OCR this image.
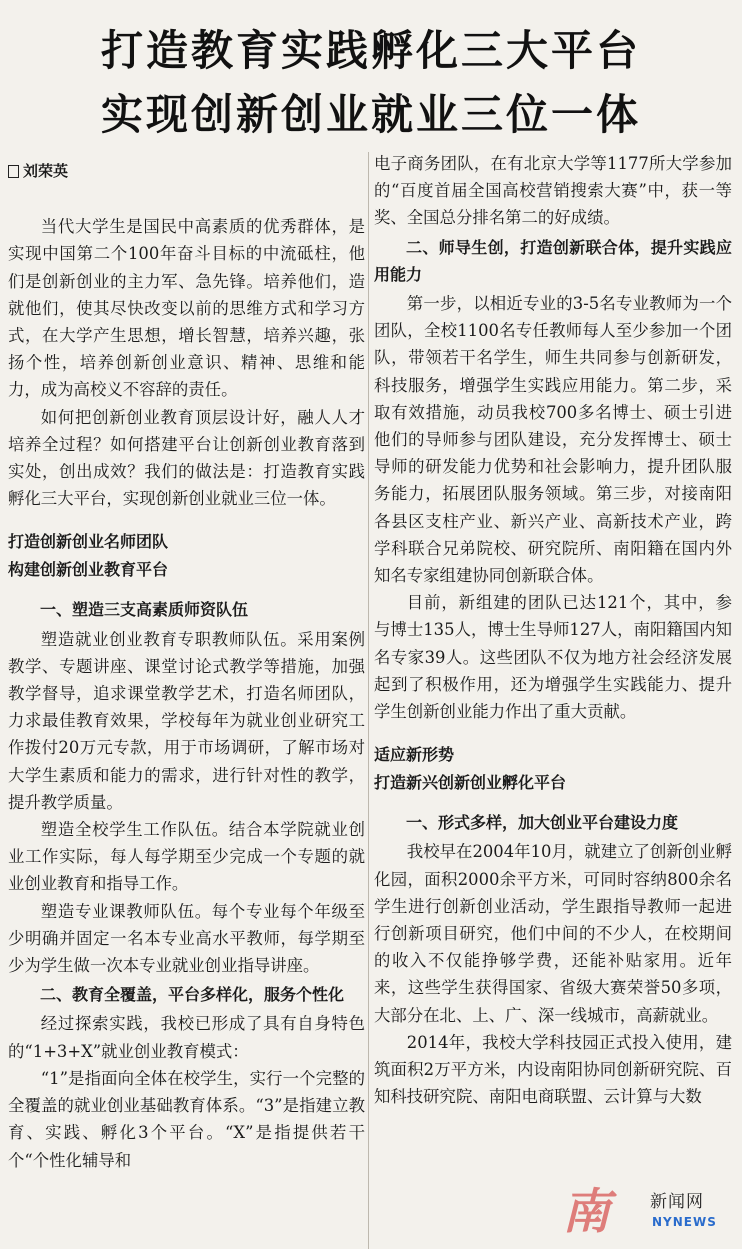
打造教育实践孵化三大平台
实现创新创业就业三位一体
刘荣英

当代大学生是国民中高素质的优秀群体，是实现中国第二个100年奋斗目标的中流砥柱，他们是创新创业的主力军、急先锋。培养他们，造就他们，使其尽快改变以前的思维方式和学习方式，在大学产生思想，增长智慧，培养兴趣，张扬个性，培养创新创业意识、精神、思维和能力，成为高校义不容辞的责任。

如何把创新创业教育顶层设计好，融人人才培养全过程？如何搭建平台让创新创业教育落到实处，创出成效？我们的做法是：打造教育实践孵化三大平台，实现创新创业就业三位一体。

打造创新创业名师团队
构建创新创业教育平台

一、塑造三支高素质师资队伍

塑造就业创业教育专职教师队伍。采用案例教学、专题讲座、课堂讨论式教学等措施，加强教学督导，追求课堂教学艺术，打造名师团队，力求最佳教育效果，学校每年为就业创业研究工作拨付20万元专款，用于市场调研，了解市场对大学生素质和能力的需求，进行针对性的教学，提升教学质量。

塑造全校学生工作队伍。结合本学院就业创业工作实际，每人每学期至少完成一个专题的就业创业教育和指导工作。

塑造专业课教师队伍。每个专业每个年级至少明确并固定一名本专业高水平教师，每学期至少为学生做一次本专业就业创业指导讲座。

二、教育全覆盖，平台多样化，服务个性化

经过探索实践，我校已形成了具有自身特色的“1+3+X”就业创业教育模式：

“1”是指面向全体在校学生，实行一个完整的全覆盖的就业创业基础教育体系。“3”是指建立教育、实践、孵化3个平台。“X”是指提供若干个“个性化辅导和

电子商务团队，在有北京大学等1177所大学参加的“百度首届全国高校营销搜索大赛”中，获一等奖、全国总分排名第二的好成绩。

二、师导生创，打造创新联合体，提升实践应用能力

第一步，以相近专业的3-5名专业教师为一个团队，全校1100名专任教师每人至少参加一个团队，带领若干名学生，师生共同参与创新研发，科技服务，增强学生实践应用能力。第二步，采取有效措施，动员我校700多名博士、硕士引进他们的导师参与团队建设，充分发挥博士、硕士导师的研发能力优势和社会影响力，提升团队服务能力，拓展团队服务领域。第三步，对接南阳各县区支柱产业、新兴产业、高新技术产业，跨学科联合兄弟院校、研究院所、南阳籍在国内外知名专家组建协同创新联合体。

目前，新组建的团队已达121个，其中，参与博士135人，博士生导师127人，南阳籍国内知名专家39人。这些团队不仅为地方社会经济发展起到了积极作用，还为增强学生实践能力、提升学生创新创业能力作出了重大贡献。

适应新形势
打造新兴创新创业孵化平台

一、形式多样，加大创业平台建设力度

我校早在2004年10月，就建立了创新创业孵化园，面积2000余平方米，可同时容纳800余名学生进行创新创业活动，学生跟指导教师一起进行创新项目研究，他们中间的不少人，在校期间的收入不仅能挣够学费，还能补贴家用。近年来，这些学生获得国家、省级大赛荣誉50多项，大部分在北、上、广、深一线城市，高薪就业。

2014年，我校大学科技园正式投入使用，建筑面积2万平方米，内设南阳协同创新研究院、百知科技研究院、南阳电商联盟、云计算与大数

南 新闻网
NYNEWS
